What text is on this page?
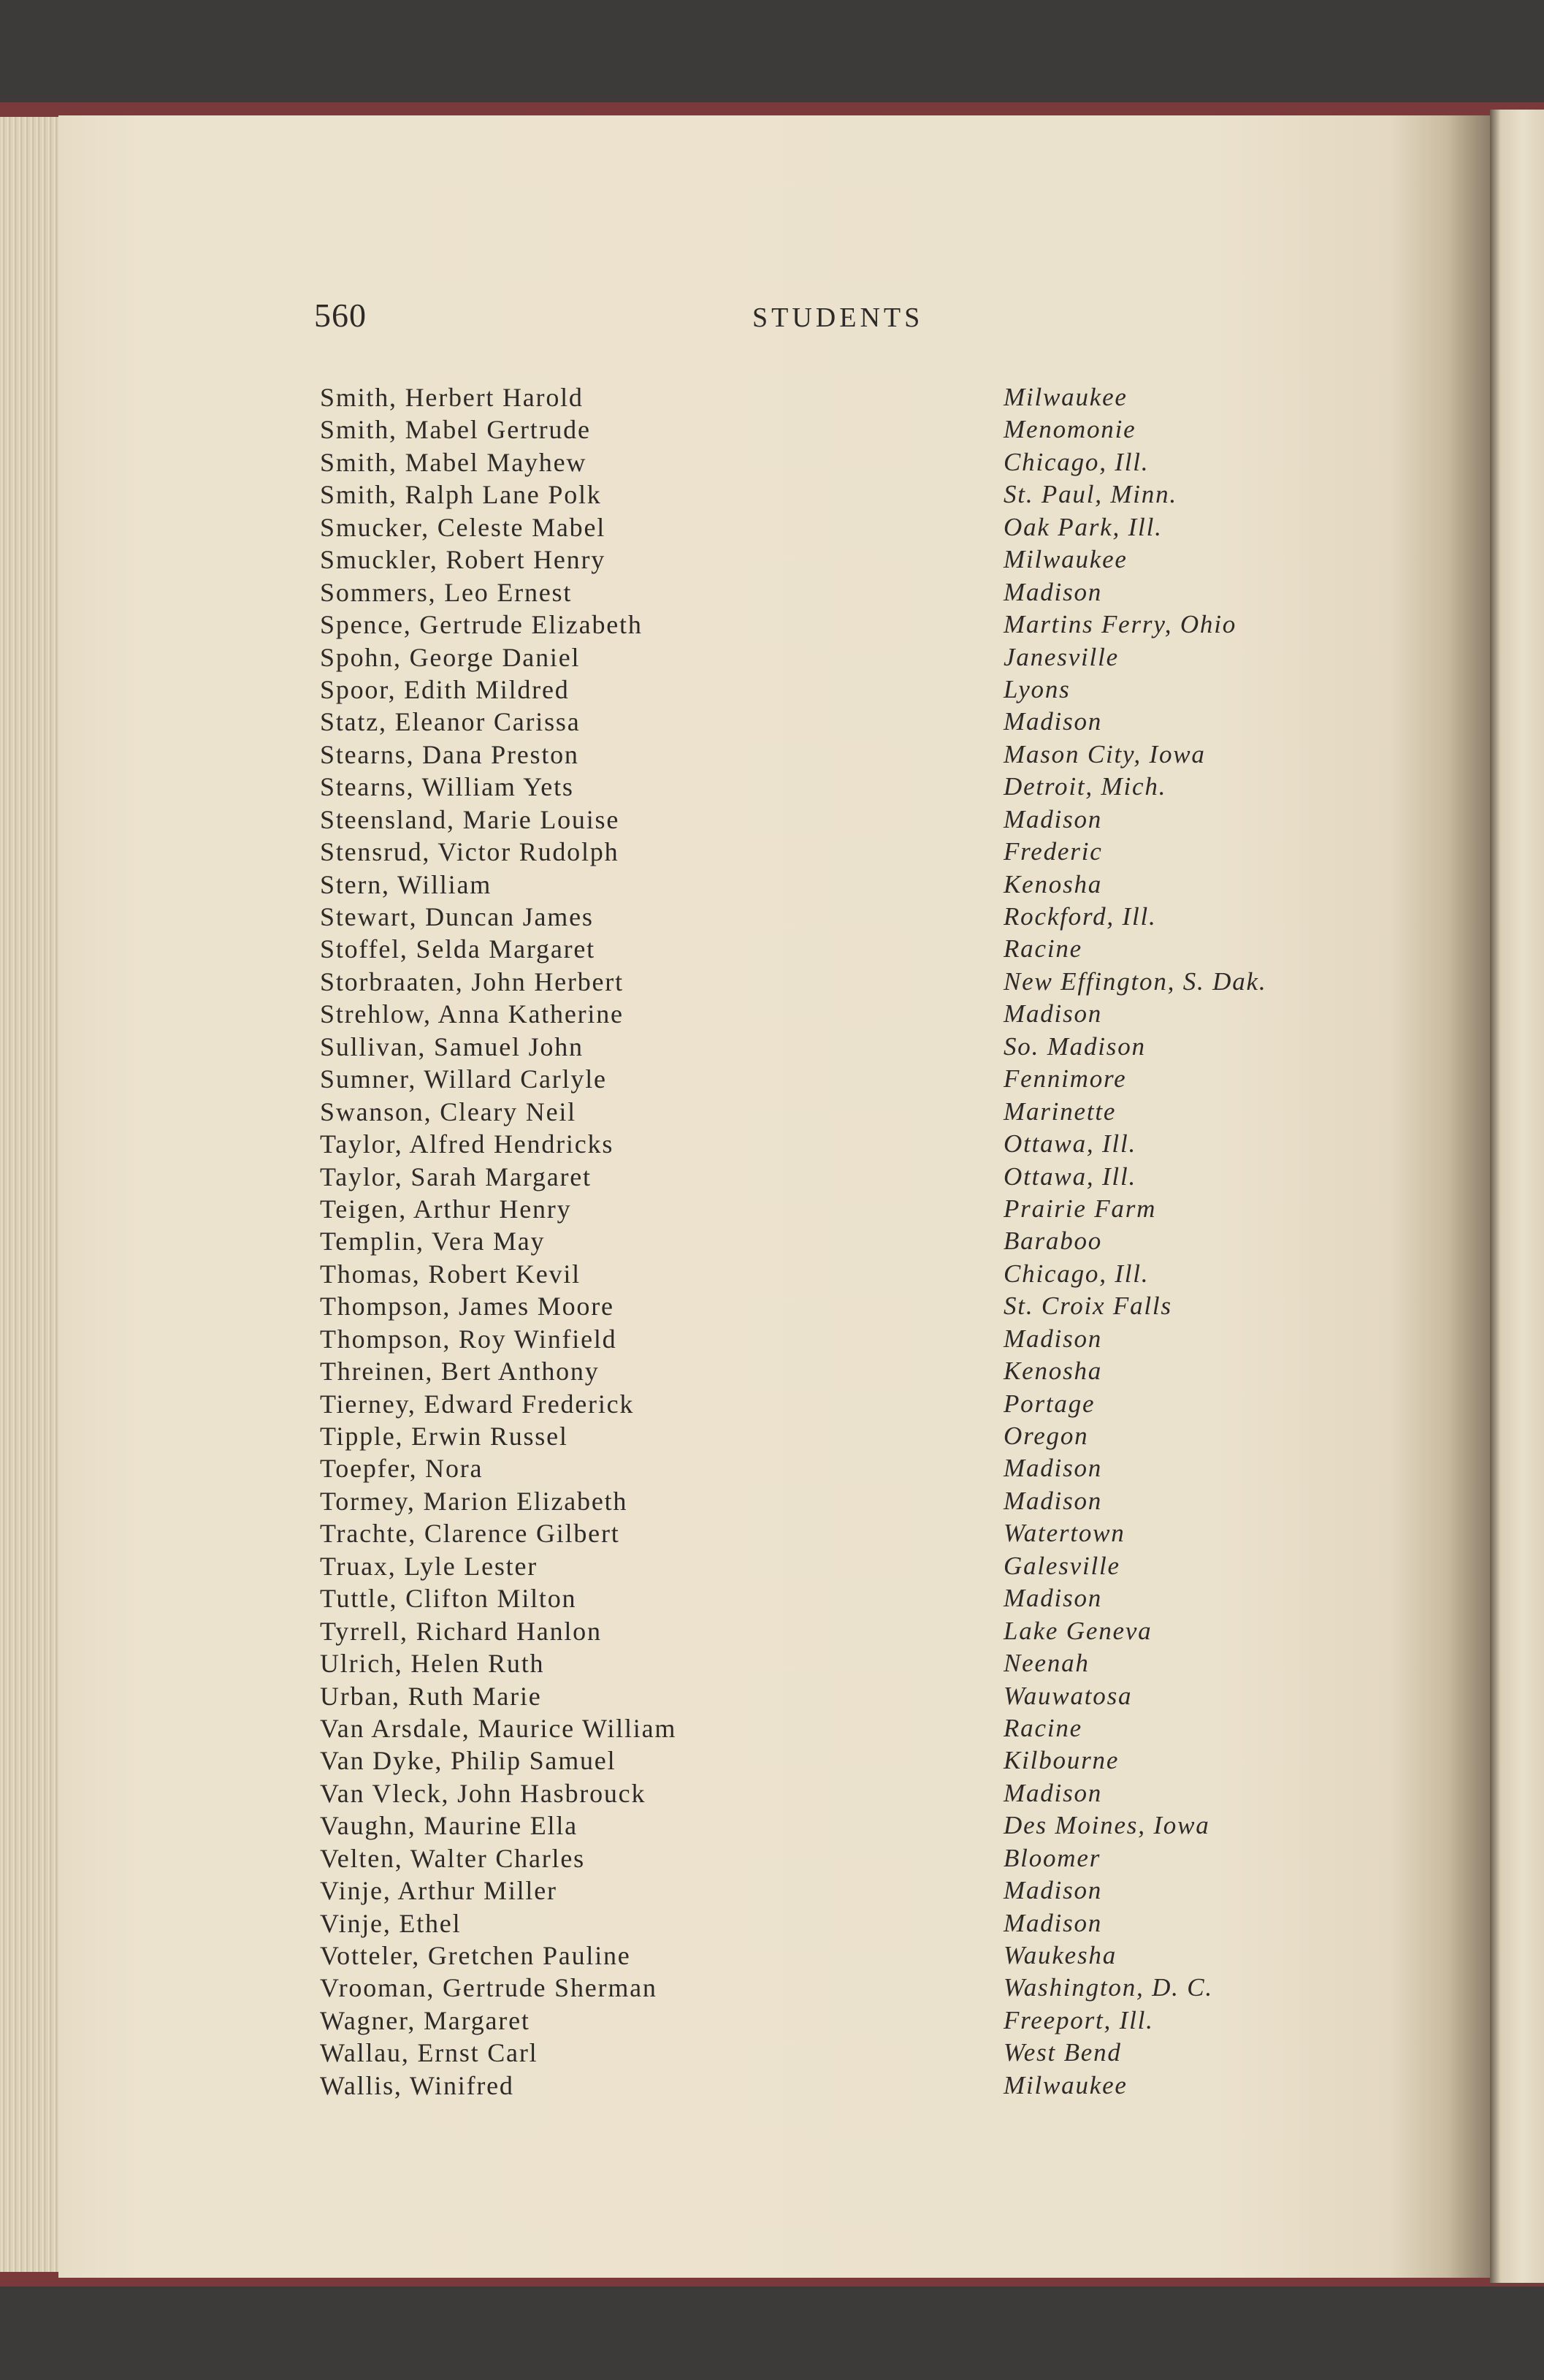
560	STUDENTS
Smith, Herbert Harold	Milwaukee
Smith, Mabel Gertrude	Menomonie
Smith, Mabel Mayhew	Chicago, Ill.
Smith, Ralph Lane Polk	St. Paul, Minn.
Smucker, Celeste Mabel	Oak Park, Ill.
Smuckler, Robert Henry	Milwaukee
Sommers, Leo Ernest	Madison
Spence, Gertrude Elizabeth	Martins Ferry, Ohio
Spohn, George Daniel	Janesville
Spoor, Edith Mildred	Lyons
Statz, Eleanor Carissa	Madison
Stearns, Dana Preston	Mason City, Iowa
Stearns, William Yets	Detroit, Mich.
Steensland, Marie Louise	Madison
Stensrud, Victor Rudolph	Frederic
Stern, William	Kenosha
Stewart, Duncan James	Rockford, Ill.
Stoffel, Selda Margaret	Racine
Storbraaten, John Herbert	New Effington, S. Dak.
Strehlow, Anna Katherine	Madison
Sullivan, Samuel John	So. Madison
Sumner, Willard Carlyle	Fennimore
Swanson, Cleary Neil	Marinette
Taylor, Alfred Hendricks	Ottawa, Ill.
Taylor, Sarah Margaret	Ottawa, Ill.
Teigen, Arthur Henry	Prairie Farm
Templin, Vera May	Baraboo
Thomas, Robert Kevil	Chicago, Ill.
Thompson, James Moore	St. Croix Falls
Thompson, Roy Winfield	Madison
Threinen, Bert Anthony	Kenosha
Tierney, Edward Frederick	Portage
Tipple, Erwin Russel	Oregon
Toepfer, Nora	Madison
Tormey, Marion Elizabeth	Madison
Trachte, Clarence Gilbert	Watertown
Truax, Lyle Lester	Galesville
Tuttle, Clifton Milton	Madison
Tyrrell, Richard Hanlon	Lake Geneva
Ulrich, Helen Ruth	Neenah
Urban, Ruth Marie	Wauwatosa
Van Arsdale, Maurice William	Racine
Van Dyke, Philip Samuel	Kilbourne
Van Vleck, John Hasbrouck	Madison
Vaughn, Maurine Ella	Des Moines, Iowa
Velten, Walter Charles	Bloomer
Vinje, Arthur Miller	Madison
Vinje, Ethel	Madison
Votteler, Gretchen Pauline	Waukesha
Vrooman, Gertrude Sherman	Washington, D. C.
Wagner, Margaret	Freeport, Ill.
Wallau, Ernst Carl	West Bend
Wallis, Winifred	Milwaukee
